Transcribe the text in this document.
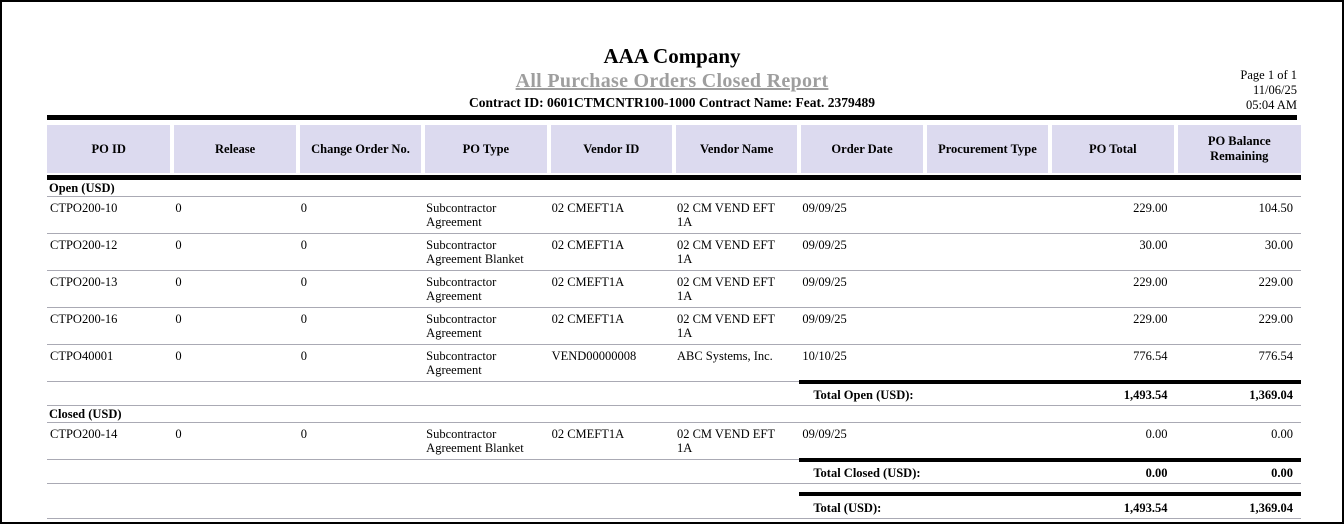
AAA Company
All Purchase Orders Closed Report
Contract ID: 0601CTMCNTR100-1000 Contract Name: Feat. 2379489
Page 1 of 1
11/06/25
05:04 AM
PO ID	Release	Change Order No.	PO Type	Vendor ID	Vendor Name	Order Date	Procurement Type	PO Total	PO Balance Remaining

Open (USD)									
CTPO200-10	0	0	Subcontractor Agreement	02 CMEFT1A	02 CM VEND EFT 1A	09/09/25		229.00	104.50
CTPO200-12	0	0	Subcontractor Agreement Blanket	02 CMEFT1A	02 CM VEND EFT 1A	09/09/25		30.00	30.00
CTPO200-13	0	0	Subcontractor Agreement	02 CMEFT1A	02 CM VEND EFT 1A	09/09/25		229.00	229.00
CTPO200-16	0	0	Subcontractor Agreement	02 CMEFT1A	02 CM VEND EFT 1A	09/09/25		229.00	229.00
CTPO40001	0	0	Subcontractor Agreement	VEND00000008	ABC Systems, Inc.	10/10/25		776.54	776.54
						Total Open (USD):		1,493.54	1,369.04
Closed (USD)									
CTPO200-14	0	0	Subcontractor Agreement Blanket	02 CMEFT1A	02 CM VEND EFT 1A	09/09/25		0.00	0.00
						Total Closed (USD):		0.00	0.00

						Total (USD):		1,493.54	1,369.04
